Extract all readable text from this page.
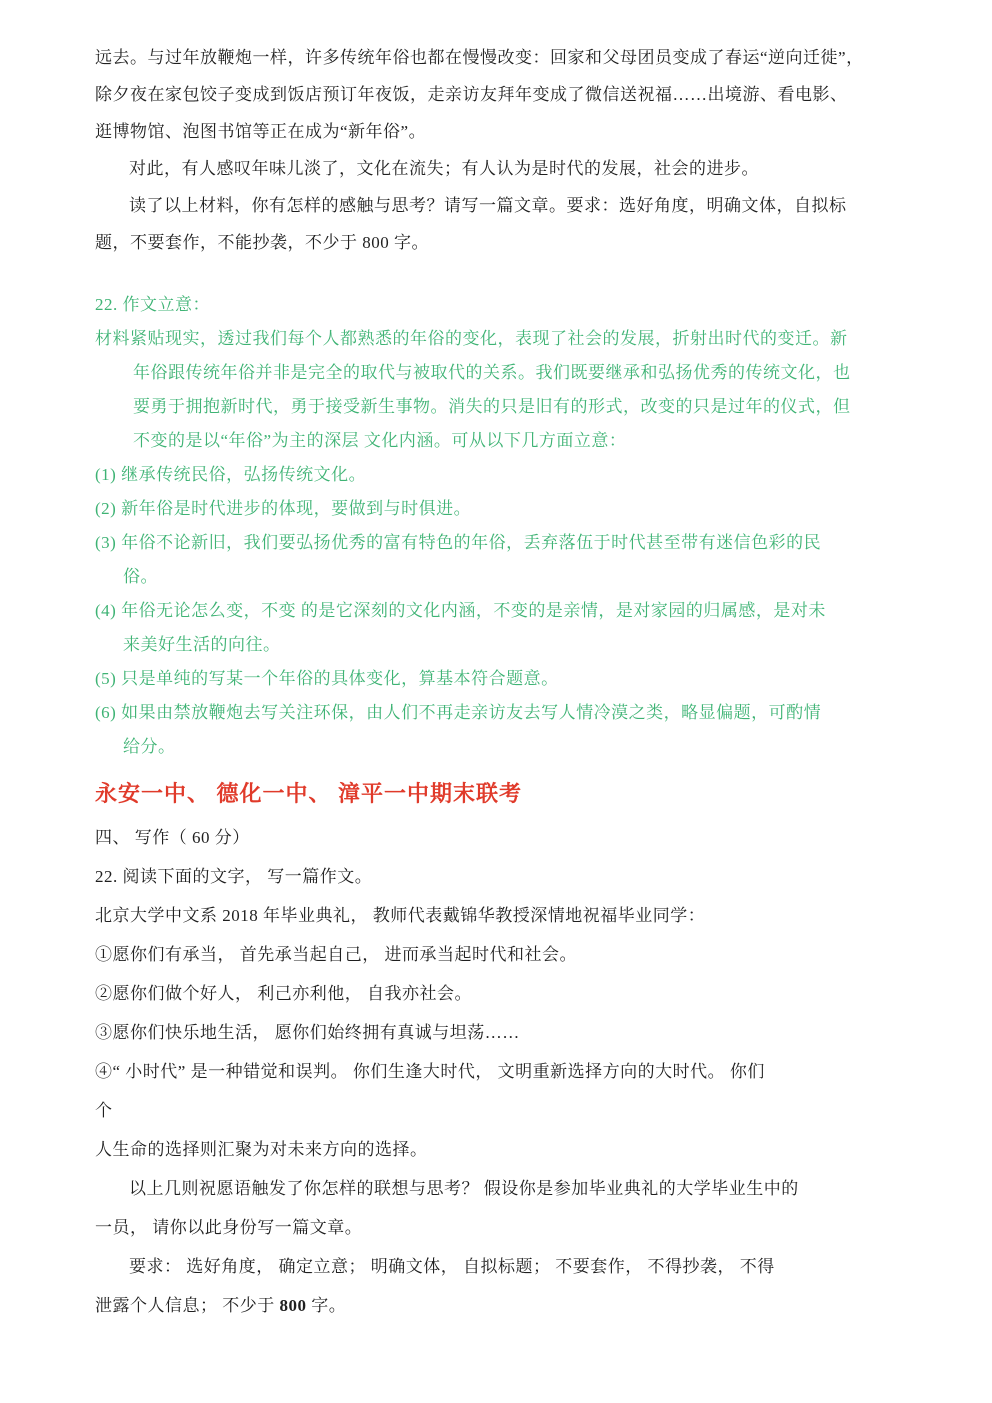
远去。与过年放鞭炮一样，许多传统年俗也都在慢慢改变：回家和父母团员变成了春运“逆向迁徙”，
除夕夜在家包饺子变成到饭店预订年夜饭，走亲访友拜年变成了微信送祝福……出境游、看电影、
逛博物馆、泡图书馆等正在成为“新年俗”。
对此，有人感叹年味儿淡了，文化在流失；有人认为是时代的发展，社会的进步。
读了以上材料，你有怎样的感触与思考？请写一篇文章。要求：选好角度，明确文体，自拟标
题，不要套作，不能抄袭，不少于 800 字。
22. 作文立意：
材料紧贴现实，透过我们每个人都熟悉的年俗的变化，表现了社会的发展，折射出时代的变迁。新
年俗跟传统年俗并非是完全的取代与被取代的关系。我们既要继承和弘扬优秀的传统文化，也
要勇于拥抱新时代，勇于接受新生事物。消失的只是旧有的形式，改变的只是过年的仪式，但
不变的是以“年俗”为主的深层 文化内涵。可从以下几方面立意：
(1) 继承传统民俗，弘扬传统文化。
(2) 新年俗是时代进步的体现，要做到与时俱进。
(3) 年俗不论新旧，我们要弘扬优秀的富有特色的年俗，丢弃落伍于时代甚至带有迷信色彩的民
俗。
(4) 年俗无论怎么变，不变 的是它深刻的文化内涵，不变的是亲情，是对家园的归属感，是对未
来美好生活的向往。
(5) 只是单纯的写某一个年俗的具体变化，算基本符合题意。
(6) 如果由禁放鞭炮去写关注环保，由人们不再走亲访友去写人情冷漠之类，略显偏题，可酌情
给分。
永安一中、 德化一中、 漳平一中期末联考
四、 写作（ 60 分）
22. 阅读下面的文字， 写一篇作文。
北京大学中文系 2018 年毕业典礼， 教师代表戴锦华教授深情地祝福毕业同学：
①愿你们有承当， 首先承当起自己， 进而承当起时代和社会。
②愿你们做个好人， 利己亦利他， 自我亦社会。
③愿你们快乐地生活， 愿你们始终拥有真诚与坦荡……
④“ 小时代” 是一种错觉和误判。 你们生逢大时代， 文明重新选择方向的大时代。 你们
个
人生命的选择则汇聚为对未来方向的选择。
以上几则祝愿语触发了你怎样的联想与思考？ 假设你是参加毕业典礼的大学毕业生中的
一员， 请你以此身份写一篇文章。
要求： 选好角度， 确定立意； 明确文体， 自拟标题； 不要套作， 不得抄袭， 不得
泄露个人信息； 不少于 800 字。
